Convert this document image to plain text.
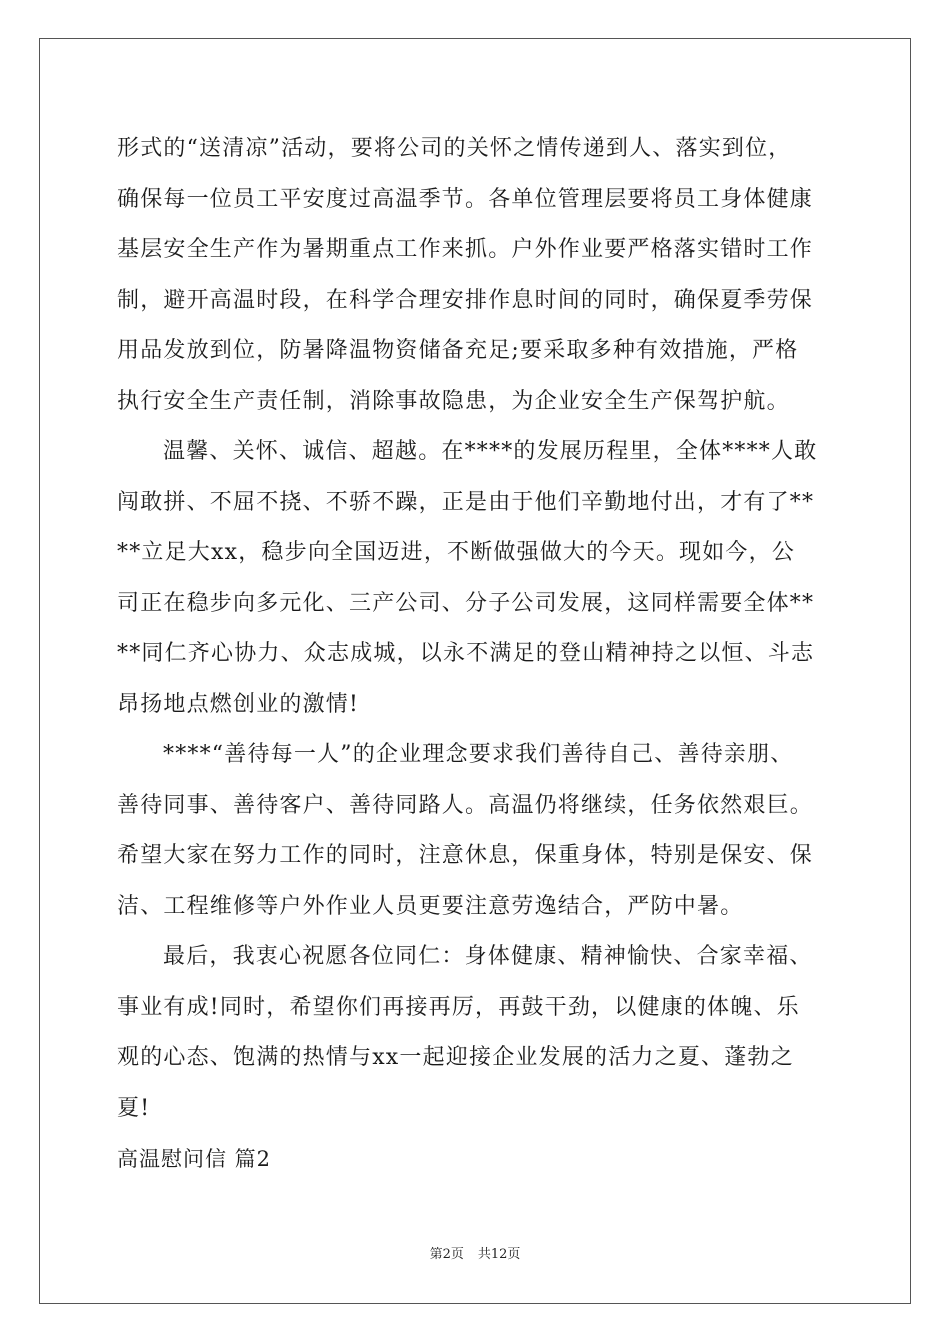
形式的“送清凉”活动，要将公司的关怀之情传递到人、落实到位，
确保每一位员工平安度过高温季节。各单位管理层要将员工身体健康
基层安全生产作为暑期重点工作来抓。户外作业要严格落实错时工作
制，避开高温时段，在科学合理安排作息时间的同时，确保夏季劳保
用品发放到位，防暑降温物资储备充足;要采取多种有效措施，严格
执行安全生产责任制，消除事故隐患，为企业安全生产保驾护航。
温馨、关怀、诚信、超越。在****的发展历程里，全体****人敢
闯敢拼、不屈不挠、不骄不躁，正是由于他们辛勤地付出，才有了**
**立足大xx，稳步向全国迈进，不断做强做大的今天。现如今，公
司正在稳步向多元化、三产公司、分子公司发展，这同样需要全体**
**同仁齐心协力、众志成城，以永不满足的登山精神持之以恒、斗志
昂扬地点燃创业的激情!
****“善待每一人”的企业理念要求我们善待自己、善待亲朋、
善待同事、善待客户、善待同路人。高温仍将继续，任务依然艰巨。
希望大家在努力工作的同时，注意休息，保重身体，特别是保安、保
洁、工程维修等户外作业人员更要注意劳逸结合，严防中暑。
最后，我衷心祝愿各位同仁：身体健康、精神愉快、合家幸福、
事业有成!同时，希望你们再接再厉，再鼓干劲，以健康的体魄、乐
观的心态、饱满的热情与xx一起迎接企业发展的活力之夏、蓬勃之
夏!
高温慰问信 篇2
第2页 共12页
